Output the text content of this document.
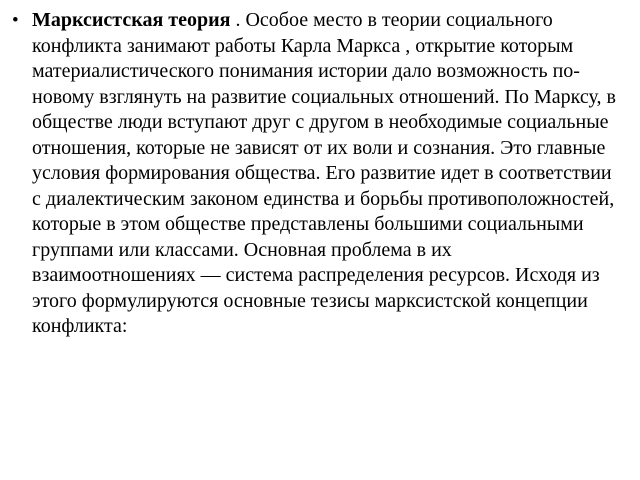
• Марксистская теория . Особое место в теории социального конфликта занимают работы Карла Маркса , открытие которым материалистического понимания истории дало возможность по-новому взглянуть на развитие социальных отношений. По Марксу, в обществе люди вступают друг с другом в необходимые социальные отношения, которые не зависят от их воли и сознания. Это главные условия формирования общества. Его развитие идет в соответствии с диалектическим законом единства и борьбы противоположностей, которые в этом обществе представлены большими социальными группами или классами. Основная проблема в их взаимоотношениях — система распределения ресурсов. Исходя из этого формулируются основные тезисы марксистской концепции конфликта:
